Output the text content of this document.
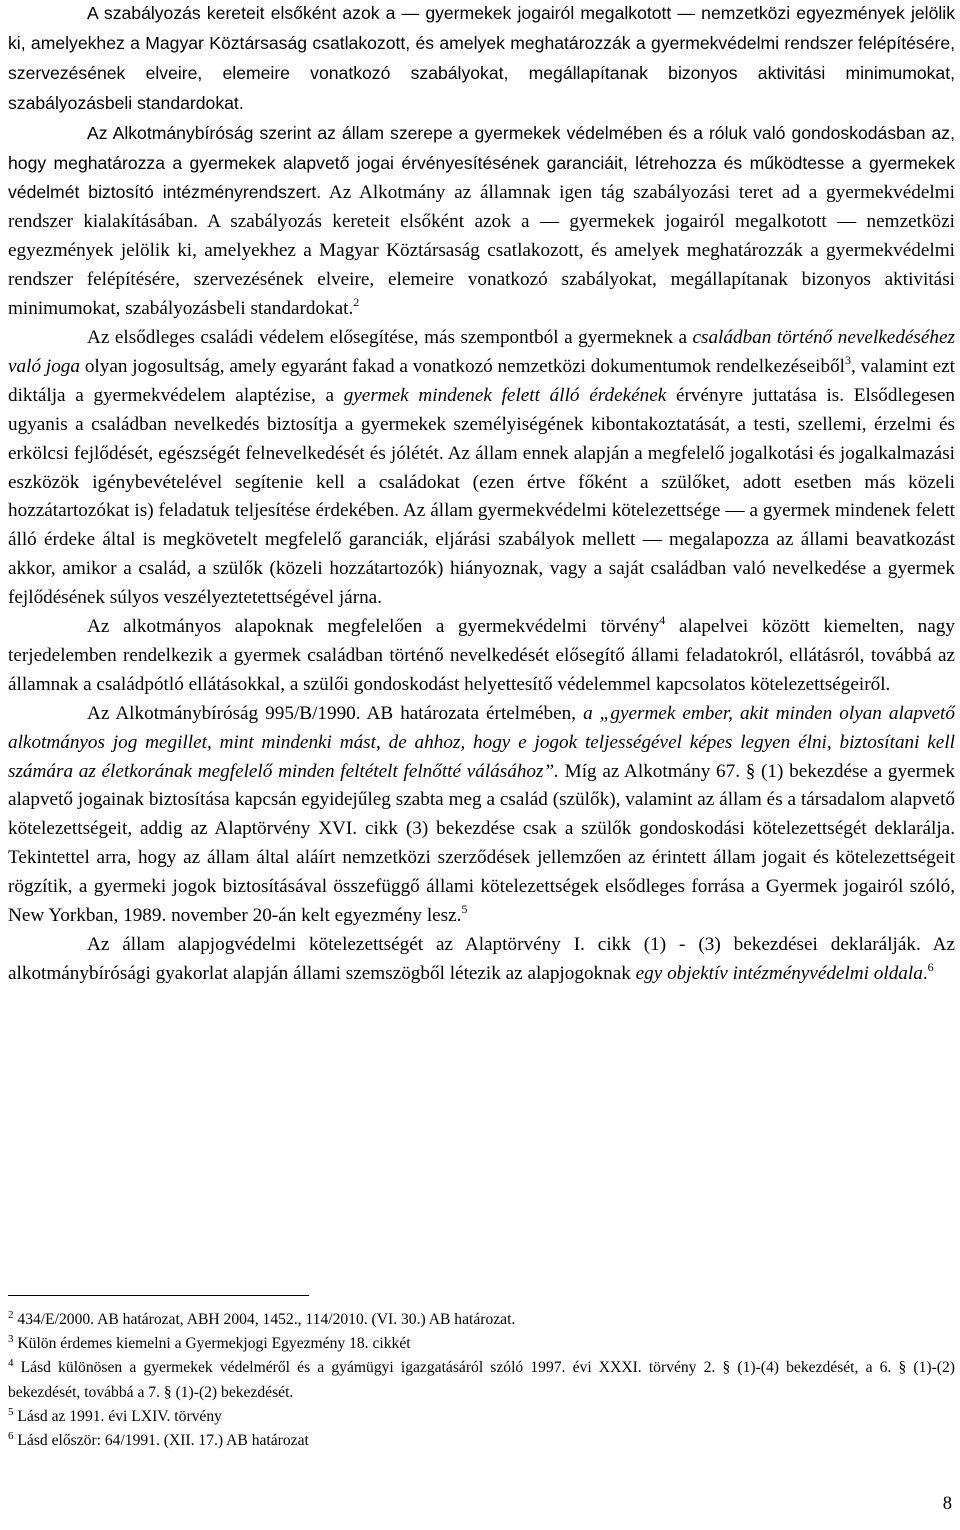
A szabályozás kereteit elsőként azok a — gyermekek jogairól megalkotott — nemzetközi egyezmények jelölik ki, amelyekhez a Magyar Köztársaság csatlakozott, és amelyek meghatározzák a gyermekvédelmi rendszer felépítésére, szervezésének elveire, elemeire vonatkozó szabályokat, megállapítanak bizonyos aktivitási minimumokat, szabályozásbeli standardokat.

Az Alkotmánybíróság szerint az állam szerepe a gyermekek védelmében és a róluk való gondoskodásban az, hogy meghatározza a gyermekek alapvető jogai érvényesítésének garanciáit, létrehozza és működtesse a gyermekek védelmét biztosító intézményrendszert. Az Alkotmány az államnak igen tág szabályozási teret ad a gyermekvédelmi rendszer kialakításában. A szabályozás kereteit elsőként azok a — gyermekek jogairól megalkotott — nemzetközi egyezmények jelölik ki, amelyekhez a Magyar Köztársaság csatlakozott, és amelyek meghatározzák a gyermekvédelmi rendszer felépítésére, szervezésének elveire, elemeire vonatkozó szabályokat, megállapítanak bizonyos aktivitási minimumokat, szabályozásbeli standardokat.$^2$

Az elsődleges családi védelem elősegítése, más szempontból a gyermeknek a családban történő nevelkedéséhez való joga olyan jogosultság, amely egyaránt fakad a vonatkozó nemzetközi dokumentumok rendelkezéseiből$^3$, valamint ezt diktálja a gyermekvédelem alaptézise, a gyermek mindenek felett álló érdekének érvényre juttatása is. Elsődlegesen ugyanis a családban nevelkedés biztosítja a gyermekek személyiségének kibontakoztatását, a testi, szellemi, érzelmi és erkölcsi fejlődését, egészségét felnevelkedését és jólétét. Az állam ennek alapján a megfelelő jogalkotási és jogalkalmazási eszközök igénybevételével segítenie kell a családokat (ezen értve főként a szülőket, adott esetben más közeli hozzátartozókat is) feladatuk teljesítése érdekében. Az állam gyermekvédelmi kötelezettsége — a gyermek mindenek felett álló érdeke által is megkövetelt megfelelő garanciák, eljárási szabályok mellett — megalapozza az állami beavatkozást akkor, amikor a család, a szülők (közeli hozzátartozók) hiányoznak, vagy a saját családban való nevelkedése a gyermek fejlődésének súlyos veszélyeztetettségével járna.

Az alkotmányos alapoknak megfelelően a gyermekvédelmi törvény$^4$ alapelvei között kiemelten, nagy terjedelemben rendelkezik a gyermek családban történő nevelkedését elősegítő állami feladatokról, ellátásról, továbbá az államnak a családpótló ellátásokkal, a szülői gondoskodást helyettesítő védelemmel kapcsolatos kötelezettségeiről.

Az Alkotmánybíróság 995/B/1990. AB határozata értelmében, a „gyermek ember, akit minden olyan alapvető alkotmányos jog megillet, mint mindenki mást, de ahhoz, hogy e jogok teljességével képes legyen élni, biztosítani kell számára az életkorának megfelelő minden feltételt felnőtté válásához”. Míg az Alkotmány 67. § (1) bekezdése a gyermek alapvető jogainak biztosítása kapcsán egyidejűleg szabta meg a család (szülők), valamint az állam és a társadalom alapvető kötelezettségeit, addig az Alaptörvény XVI. cikk (3) bekezdése csak a szülők gondoskodási kötelezettségét deklarálja. Tekintettel arra, hogy az állam által aláírt nemzetközi szerződések jellemzően az érintett állam jogait és kötelezettségeit rögzítik, a gyermeki jogok biztosításával összefüggő állami kötelezettségek elsődleges forrása a Gyermek jogairól szóló, New Yorkban, 1989. november 20-án kelt egyezmény lesz.$^5$

Az állam alapjogvédelmi kötelezettségét az Alaptörvény I. cikk (1) - (3) bekezdései deklarálják. Az alkotmánybírósági gyakorlat alapján állami szemszögből létezik az alapjogoknak egy objektív intézményvédelmi oldala.$^6$

$^2$ 434/E/2000. AB határozat, ABH 2004, 1452., 114/2010. (VI. 30.) AB határozat.

$^3$ Külön érdemes kiemelni a Gyermekjogi Egyezmény 18. cikkét

$^4$ Lásd különösen a gyermekek védelméről és a gyámügyi igazgatásáról szóló 1997. évi XXXI. törvény 2. § (1)-(4) bekezdését, a 6. § (1)-(2) bekezdését, továbbá a 7. § (1)-(2) bekezdését.

$^5$ Lásd az 1991. évi LXIV. törvény

$^6$ Lásd először: 64/1991. (XII. 17.) AB határozat

8
